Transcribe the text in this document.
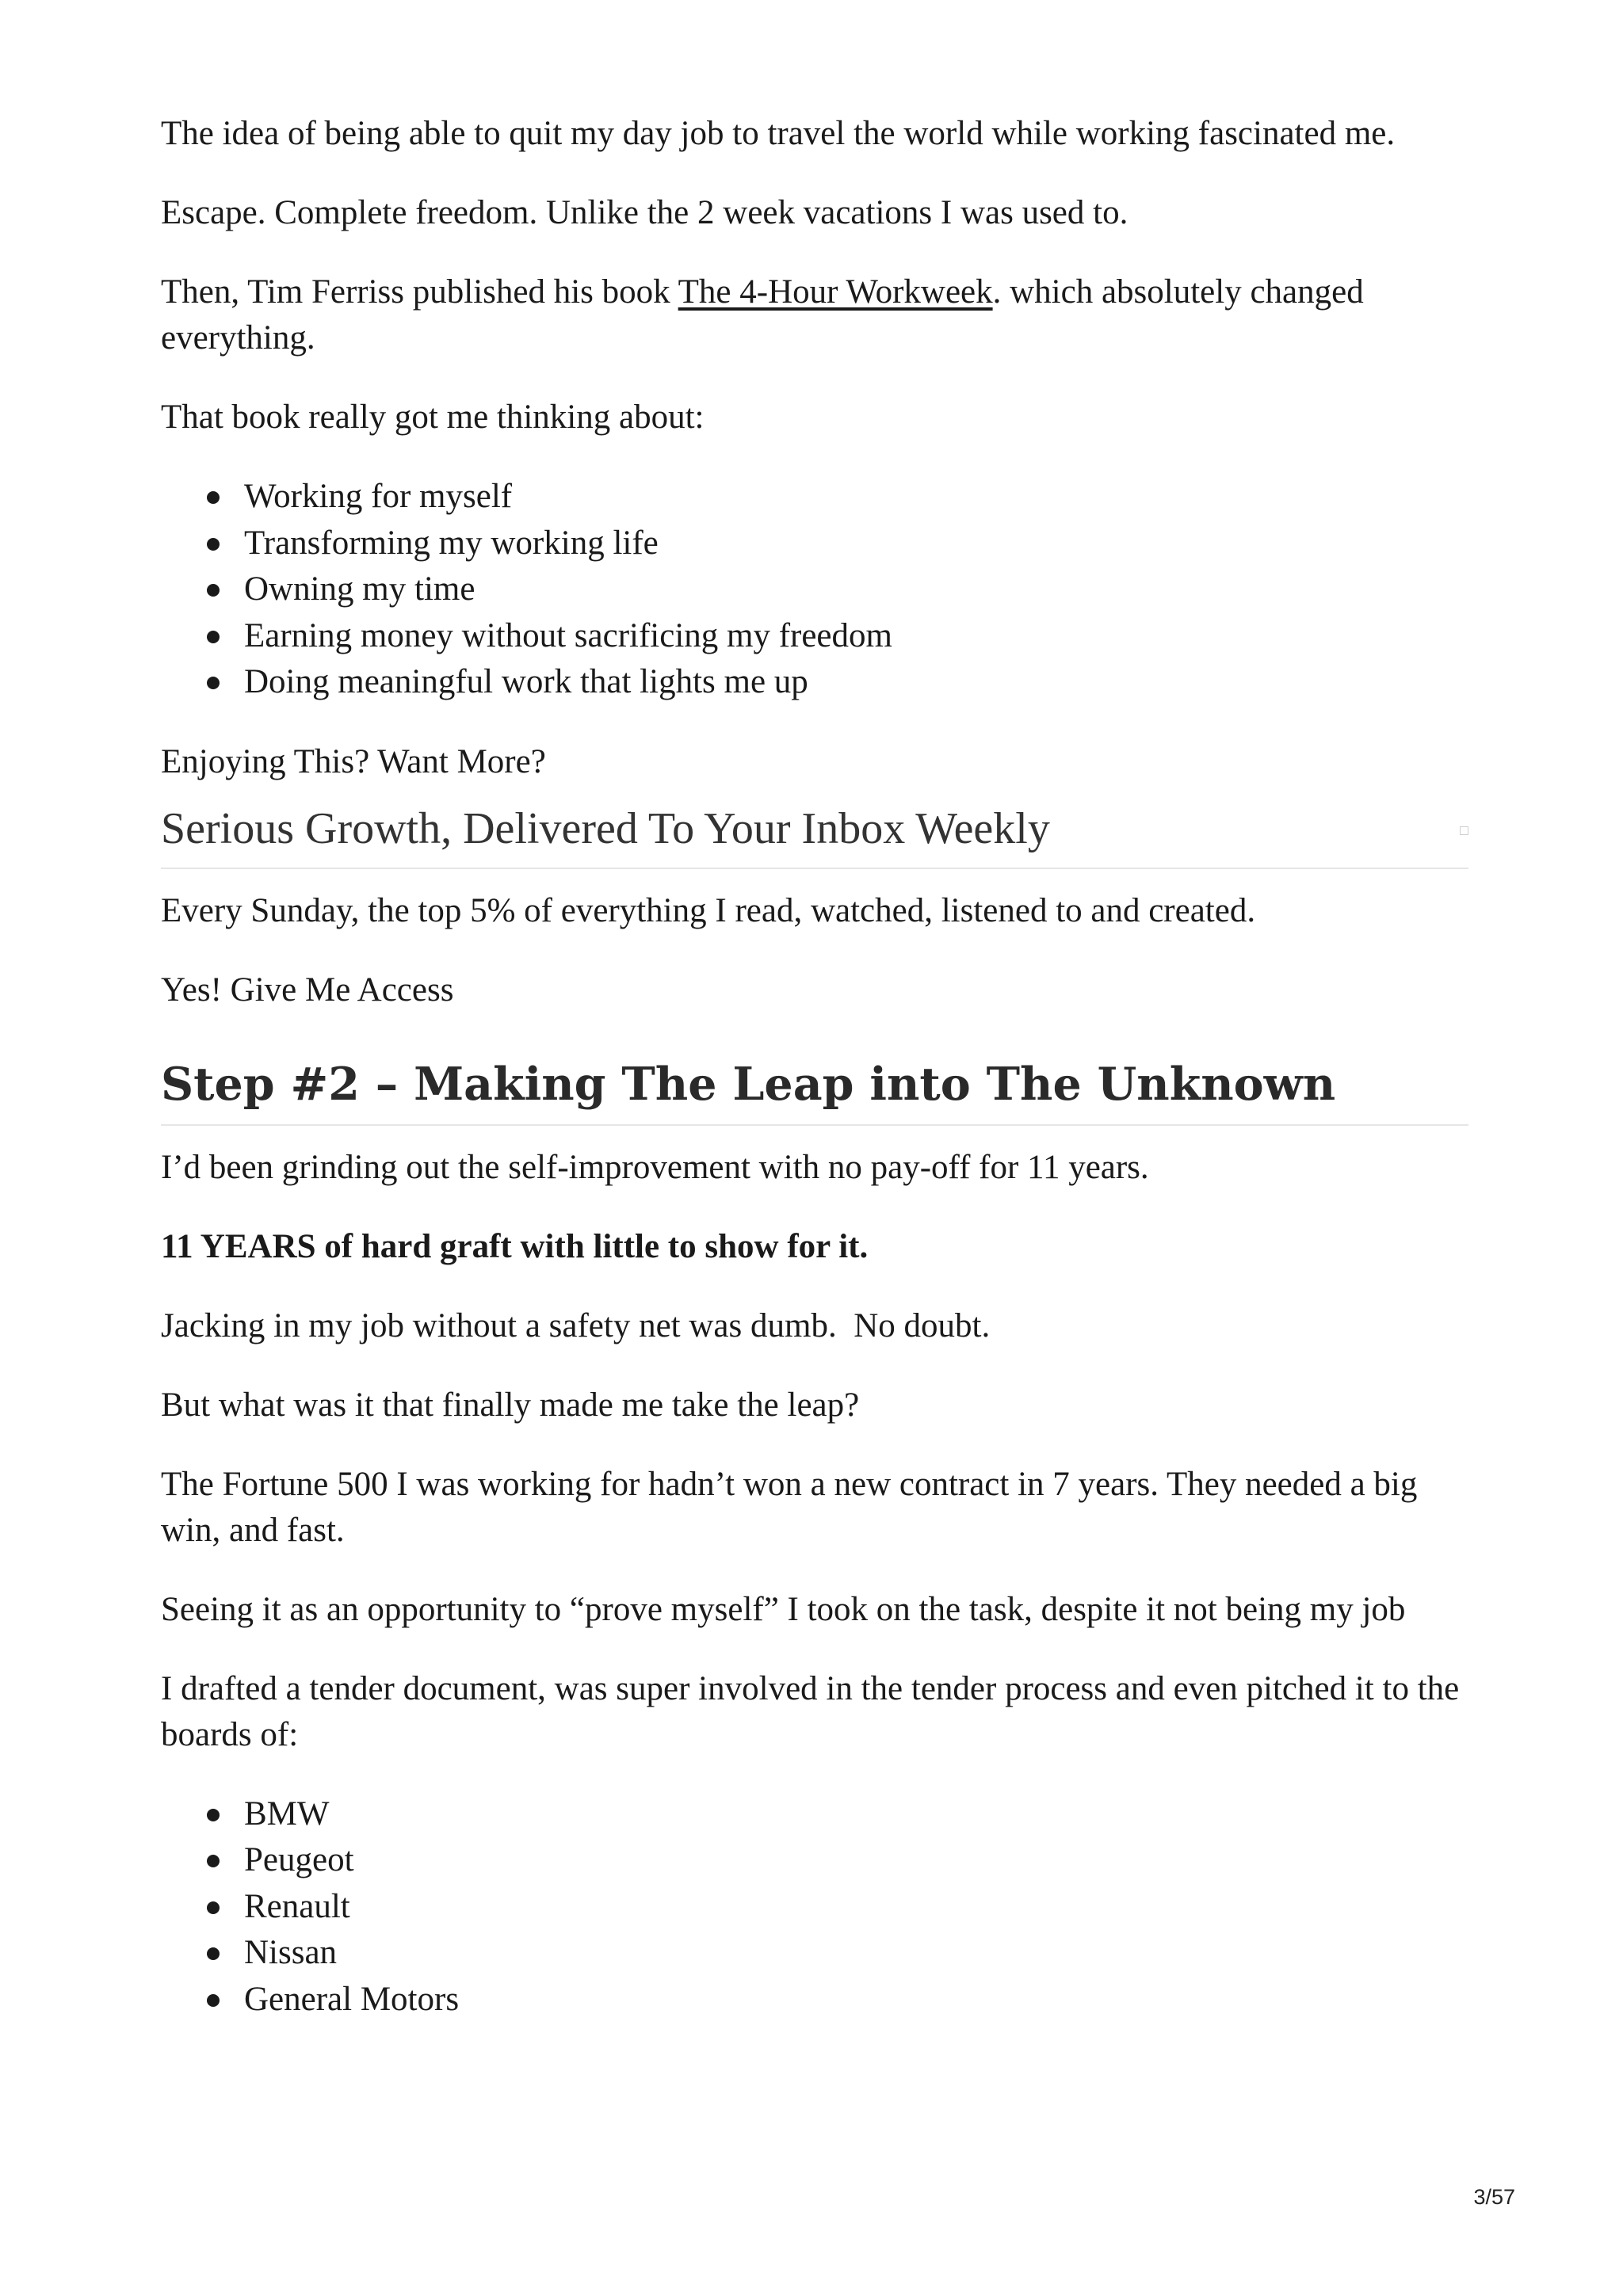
The idea of being able to quit my day job to travel the world while working fascinated me.

Escape. Complete freedom. Unlike the 2 week vacations I was used to.

Then, Tim Ferriss published his book The 4-Hour Workweek. which absolutely changed everything.

That book really got me thinking about:

Working for myself
Transforming my working life
Owning my time
Earning money without sacrificing my freedom
Doing meaningful work that lights me up

Enjoying This? Want More?

Serious Growth, Delivered To Your Inbox Weekly

Every Sunday, the top 5% of everything I read, watched, listened to and created.

Yes! Give Me Access

Step #2 – Making The Leap into The Unknown

I’d been grinding out the self-improvement with no pay-off for 11 years.

11 YEARS of hard graft with little to show for it.

Jacking in my job without a safety net was dumb.  No doubt.

But what was it that finally made me take the leap?

The Fortune 500 I was working for hadn’t won a new contract in 7 years. They needed a big win, and fast.

Seeing it as an opportunity to “prove myself” I took on the task, despite it not being my job

I drafted a tender document, was super involved in the tender process and even pitched it to the boards of:

BMW
Peugeot
Renault
Nissan
General Motors
3/57
